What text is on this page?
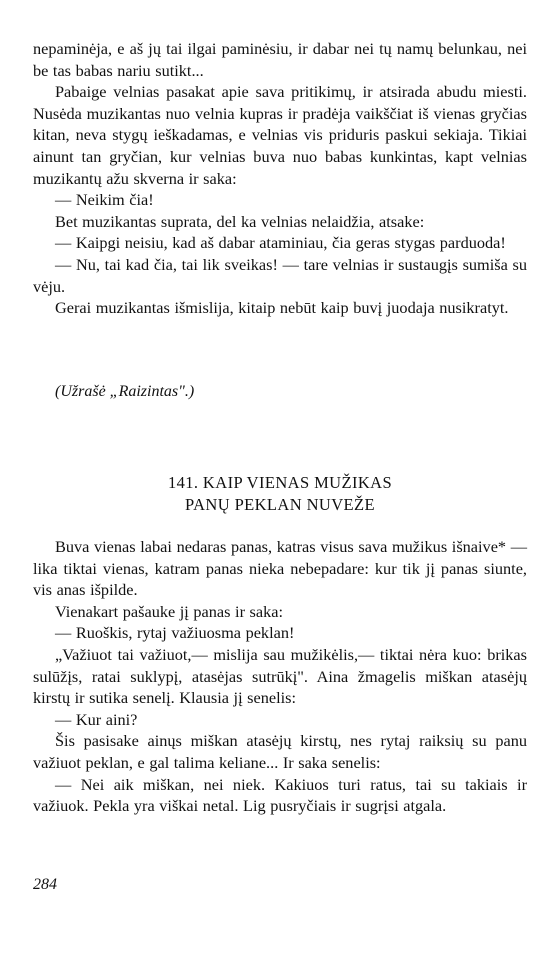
nepaminėja, e aš jų tai ilgai paminėsiu, ir dabar nei tų namų belunkau, nei be tas babas nariu sutikt...

Pabaige velnias pasakat apie sava pritikimų, ir atsirada abudu miesti. Nusėda muzikantas nuo velnia kupras ir pradėja vaikščiat iš vienas gryčias kitan, neva stygų ieškadamas, e velnias vis priduris paskui sekiaja. Tikiai ainunt tan gryčian, kur velnias buva nuo babas kunkintas, kapt velnias muzikantų ažu skverna ir saka:

— Neikim čia!

Bet muzikantas suprata, del ka velnias nelaidžia, atsake:

— Kaipgi neisiu, kad aš dabar ataminiau, čia geras stygas parduoda!

— Nu, tai kad čia, tai lik sveikas! — tare velnias ir sustaugįs sumiša su vėju.

Gerai muzikantas išmislija, kitaip nebūt kaip buvį juodaja nusikratyt.

(Užrašė „Raizintas".)
141. KAIP VIENAS MUŽIKAS
PANŲ PEKLAN NUVEŽE

Buva vienas labai nedaras panas, katras visus sava mužikus išnaive* — lika tiktai vienas, katram panas nieka nebepadare: kur tik jį panas siunte, vis anas išpilde.

Vienakart pašauke jį panas ir saka:

— Ruoškis, rytaj važiuosma peklan!

„Važiuot tai važiuot,— mislija sau mužikėlis,— tiktai nėra kuo: brikas sulūžįs, ratai suklypį, atasėjas sutrūkį". Aina žmagelis miškan atasėjų kirstų ir sutika senelį. Klausia jį senelis:

— Kur aini?

Šis pasisake ainųs miškan atasėjų kirstų, nes rytaj raiksių su panu važiuot peklan, e gal talima keliane... Ir saka senelis:

— Nei aik miškan, nei niek. Kakiuos turi ratus, tai su takiais ir važiuok. Pekla yra viškai netal. Lig pusryčiais ir sugrįsi atgala.

284
